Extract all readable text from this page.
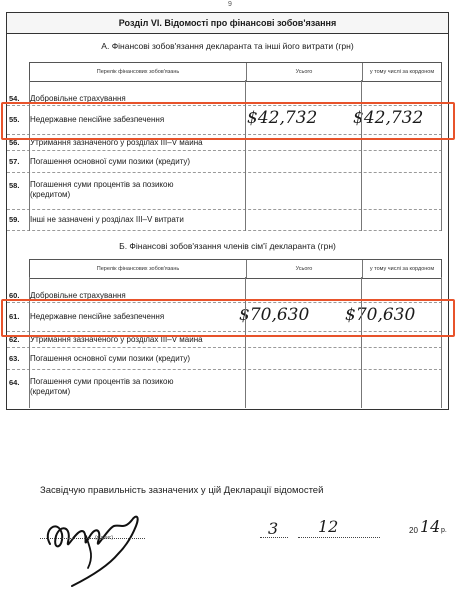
9
Розділ VI. Відомості про фінансові зобов'язання
А. Фінансові зобов'язання декларанта та інші його витрати (грн)
Перелік фінансових зобов'язань	Усього	у тому числі за кордоном
54.	Добровільне страхування
55.	Недержавне пенсійне забезпечення	$42,732 $42,732
56.	Утримання зазначеного у розділах III–V майна
57.	Погашення основної суми позики (кредиту)
58.	Погашення суми процентів за позикою (кредитом)
59.	Інші не зазначені у розділах III–V витрати
Б. Фінансові зобов'язання членів сім'ї декларанта (грн)
Перелік фінансових зобов'язань	Усього	у тому числі за кордоном
60.	Добровільне страхування
61.	Недержавне пенсійне забезпечення	$70,630 $70,630
62.	Утримання зазначеного у розділах III–V майна
63.	Погашення основної суми позики (кредиту)
64.	Погашення суми процентів за позикою (кредитом)
Засвідчую правильність зазначених у цій Декларації відомостей
(підпис)	3 12	20 14 р.
